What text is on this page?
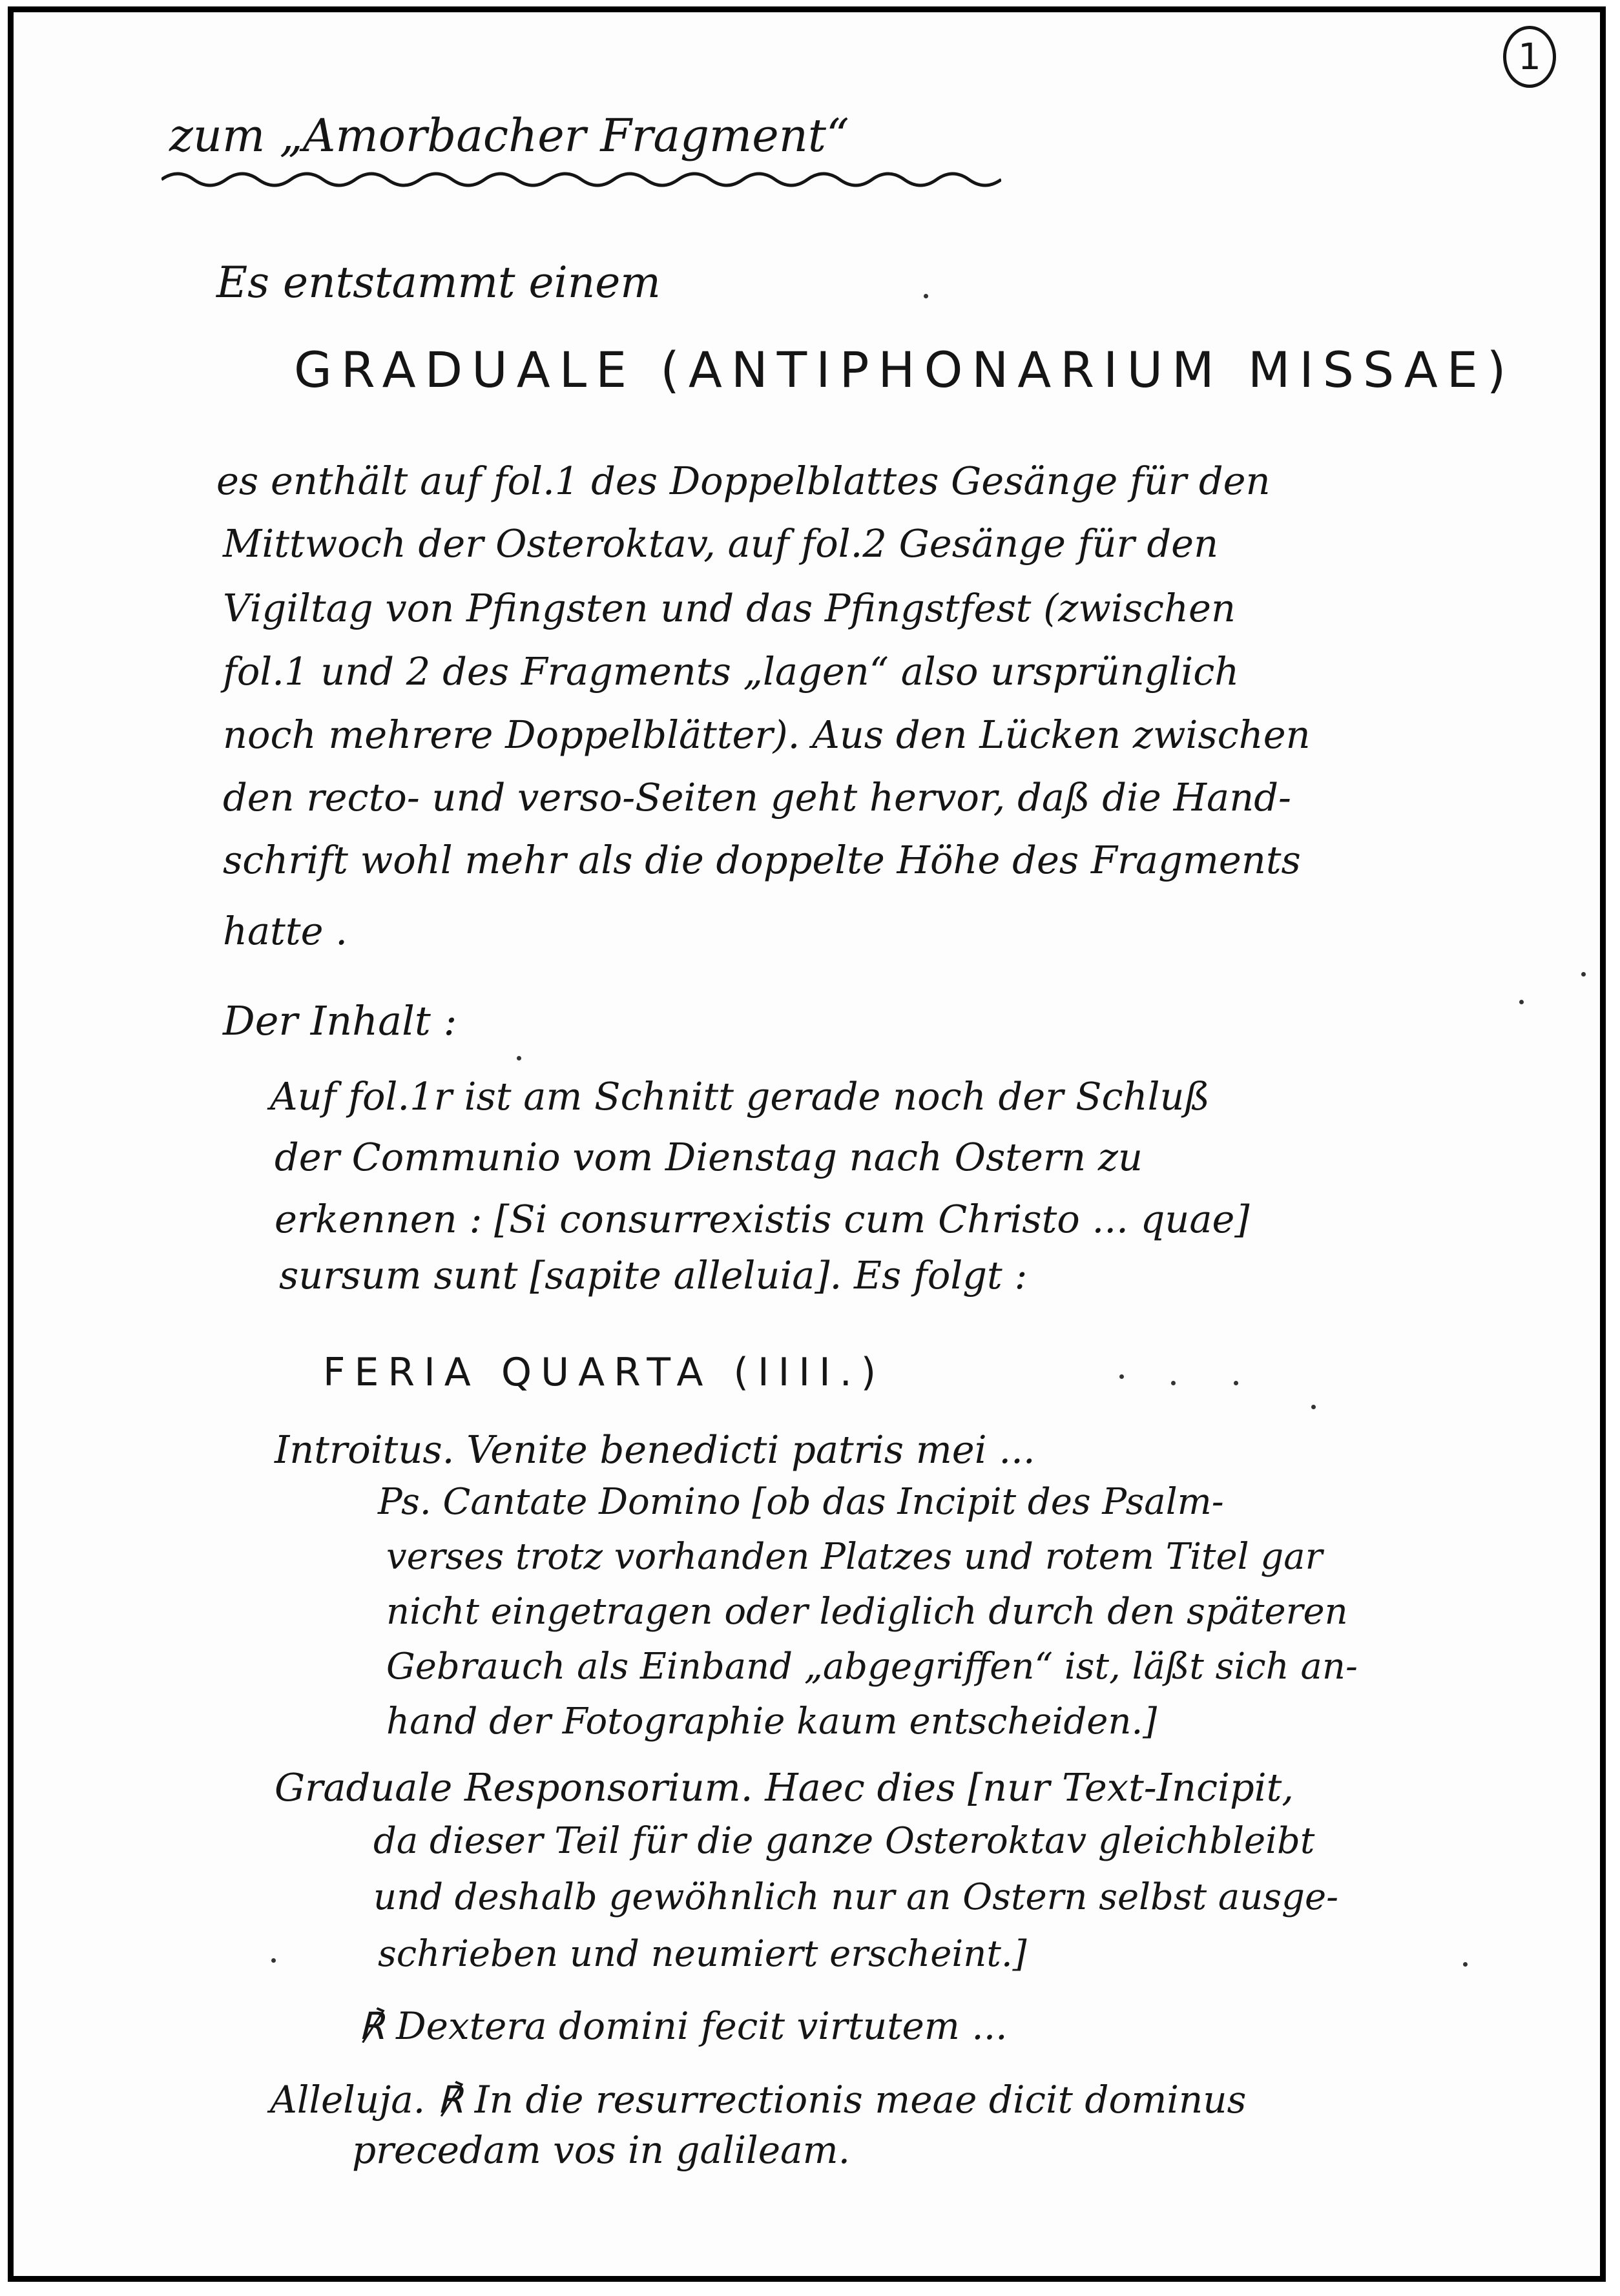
1
zum „Amorbacher Fragment“
Es entstammt einem
GRADUALE (ANTIPHONARIUM MISSAE)
es enthält auf fol.1 des Doppelblattes Gesänge für den
Mittwoch der Osteroktav, auf fol.2 Gesänge für den
Vigiltag von Pfingsten und das Pfingstfest (zwischen
fol.1 und 2 des Fragments „lagen“ also ursprünglich
noch mehrere Doppelblätter). Aus den Lücken zwischen
den recto- und verso-Seiten geht hervor, daß die Hand-
schrift wohl mehr als die doppelte Höhe des Fragments
hatte .
Der Inhalt :
Auf fol.1r ist am Schnitt gerade noch der Schluß
der Communio vom Dienstag nach Ostern zu
erkennen : [Si consurrexistis cum Christo ... quae]
sursum sunt [sapite alleluia]. Es folgt :
FERIA QUARTA (IIII.)
Introitus. Venite benedicti patris mei ...
Ps. Cantate Domino [ob das Incipit des Psalm-
verses trotz vorhanden Platzes und rotem Titel gar
nicht eingetragen oder lediglich durch den späteren
Gebrauch als Einband „abgegriffen“ ist, läßt sich an-
hand der Fotographie kaum entscheiden.]
Graduale Responsorium. Haec dies [nur Text-Incipit,
da dieser Teil für die ganze Osteroktav gleichbleibt
und deshalb gewöhnlich nur an Ostern selbst ausge-
schrieben und neumiert erscheint.]
℟ Dextera domini fecit virtutem ...
Alleluja. ℟ In die resurrectionis meae dicit dominus
precedam vos in galileam.
